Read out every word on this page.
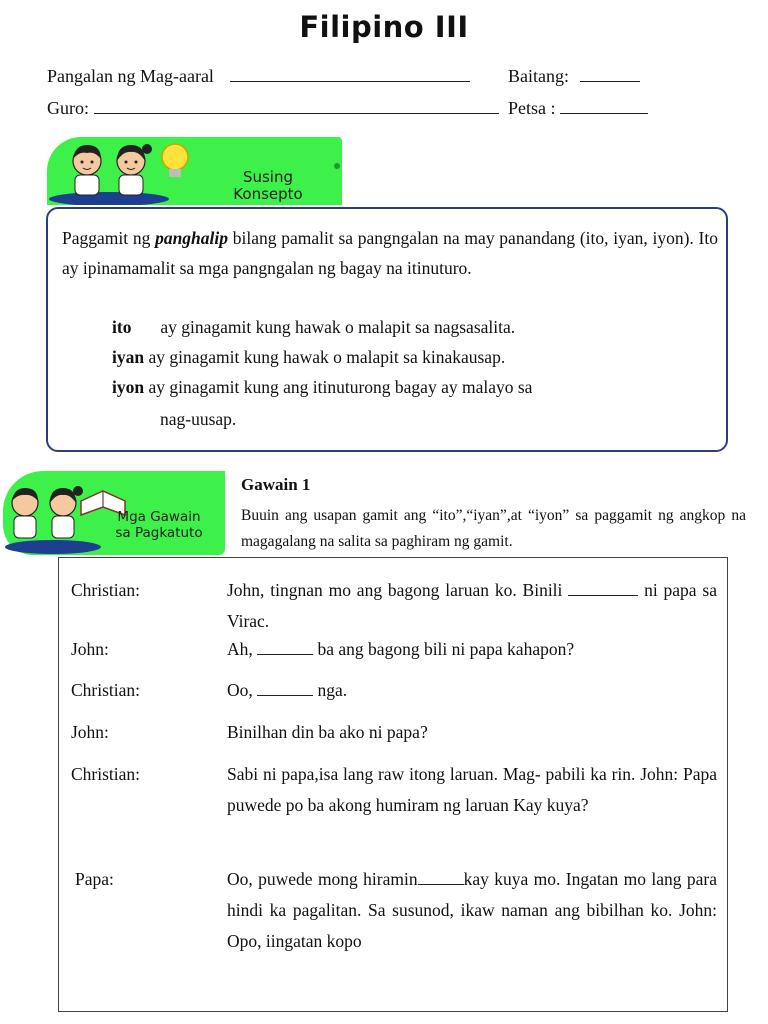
Filipino III
Pangalan ng Mag-aaral	Baitang:
Guro:	Petsa :
Susing
Konsepto
Paggamit ng panghalip bilang pamalit sa pangngalan na may panandang (ito, iyan, iyon). Ito ay ipinamamalit sa mga pangngalan ng bagay na itinuturo.
ito ay ginagamit kung hawak o malapit sa nagsasalita.
iyan ay ginagamit kung hawak o malapit sa kinakausap.
iyon ay ginagamit kung ang itinuturong bagay ay malayo sa
nag-uusap.
Mga Gawain
sa Pagkatuto
Gawain 1
Buuin ang usapan gamit ang “ito”,“iyan”,at “iyon” sa paggamit ng angkop na magagalang na salita sa paghiram ng gamit.
Christian:	John, tingnan mo ang bagong laruan ko. Binili	ni papa sa Virac.
John:	Ah,	ba ang bagong bili ni papa kahapon?
Christian:	Oo,	nga.
John:	Binilhan din ba ako ni papa?
Christian:	Sabi ni papa,isa lang raw itong laruan. Mag- pabili ka rin. John: Papa puwede po ba akong humiram ng laruan Kay kuya?
Papa:	Oo, puwede mong hiramin	kay kuya mo. Ingatan mo lang para hindi ka pagalitan. Sa susunod, ikaw naman ang bibilhan ko. John: Opo, iingatan kopo
